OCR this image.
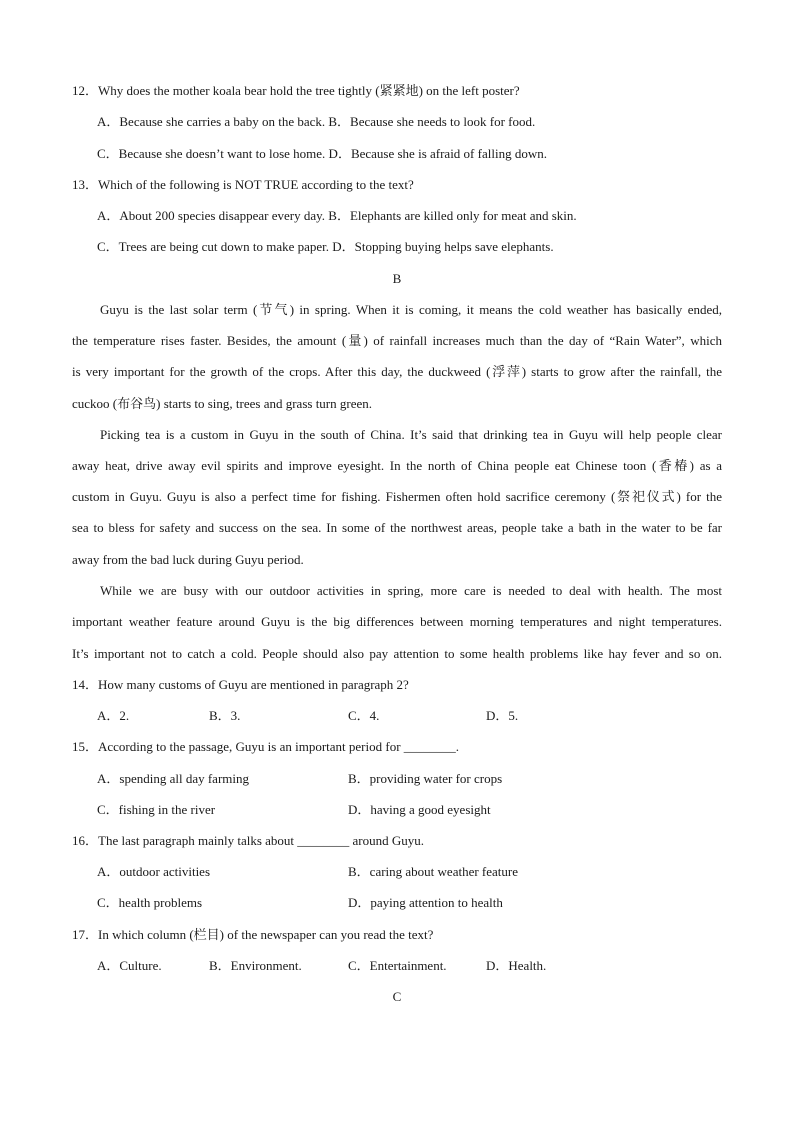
12．Why does the mother koala bear hold the tree tightly (紧紧地) on the left poster?
A．Because she carries a baby on the back. B．Because she needs to look for food.
C．Because she doesn’t want to lose home. D．Because she is afraid of falling down.
13．Which of the following is NOT TRUE according to the text?
A．About 200 species disappear every day. B．Elephants are killed only for meat and skin.
C．Trees are being cut down to make paper. D．Stopping buying helps save elephants.
B
Guyu is the last solar term (节气) in spring. When it is coming, it means the cold weather has basically ended,
the temperature rises faster. Besides, the amount (量) of rainfall increases much than the day of “Rain Water”, which
is very important for the growth of the crops. After this day, the duckweed (浮萍) starts to grow after the rainfall, the
cuckoo (布谷鸟) starts to sing, trees and grass turn green.
Picking tea is a custom in Guyu in the south of China. It’s said that drinking tea in Guyu will help people clear
away heat, drive away evil spirits and improve eyesight. In the north of China people eat Chinese toon (香椿) as a
custom in Guyu. Guyu is also a perfect time for fishing. Fishermen often hold sacrifice ceremony (祭祀仪式) for the
sea to bless for safety and success on the sea. In some of the northwest areas, people take a bath in the water to be far
away from the bad luck during Guyu period.
While we are busy with our outdoor activities in spring, more care is needed to deal with health. The most
important weather feature around Guyu is the big differences between morning temperatures and night temperatures.
It’s important not to catch a cold. People should also pay attention to some health problems like hay fever and so on.
14．How many customs of Guyu are mentioned in paragraph 2?
A．2.	B．3.	C．4.	D．5.
15．According to the passage, Guyu is an important period for ________.
A．spending all day farming	B．providing water for crops
C．fishing in the river	D．having a good eyesight
16．The last paragraph mainly talks about ________ around Guyu.
A．outdoor activities	B．caring about weather feature
C．health problems	D．paying attention to health
17．In which column (栏目) of the newspaper can you read the text?
A．Culture.	B．Environment.	C．Entertainment.	D．Health.
C
